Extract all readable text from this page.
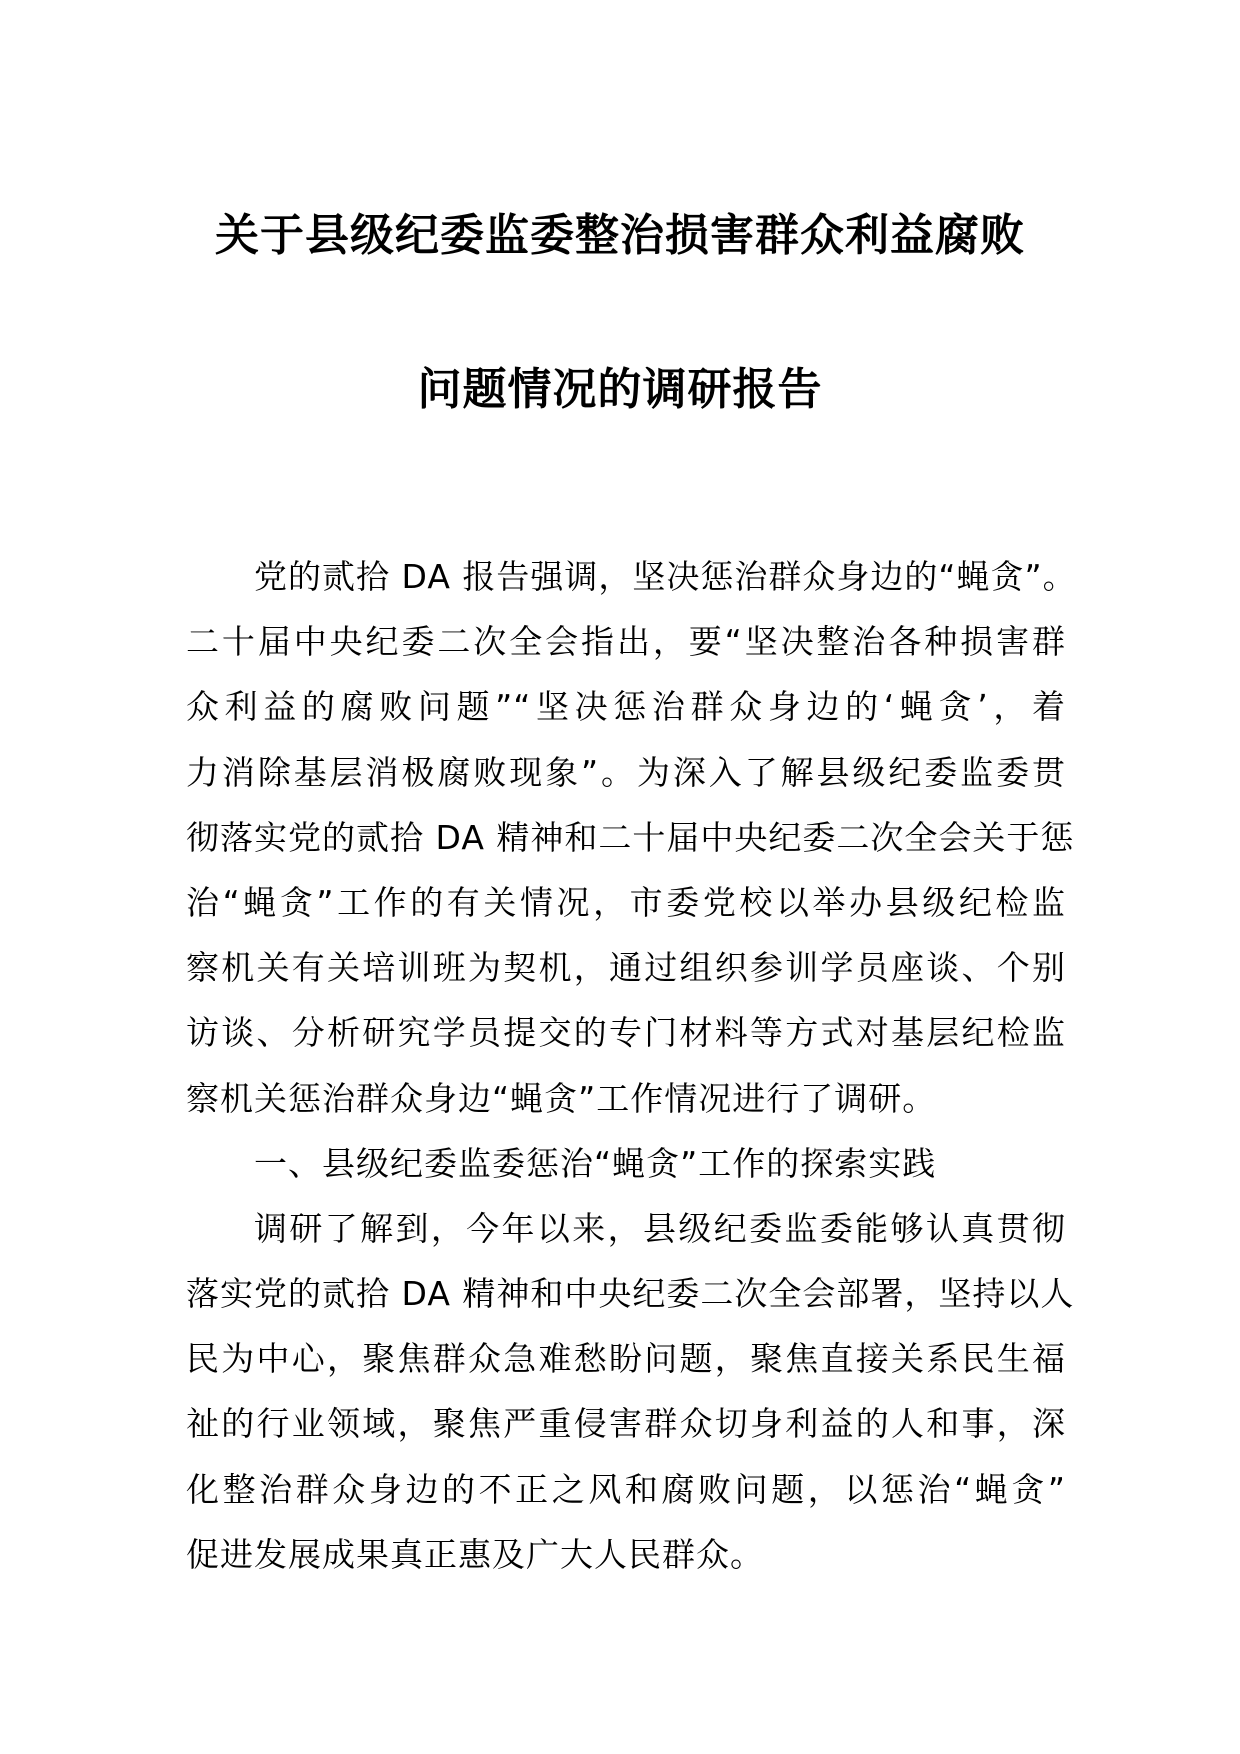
关于县级纪委监委整治损害群众利益腐败
问题情况的调研报告
党的贰拾 DA 报告强调，坚决惩治群众身边的“蝇贪”。
二十届中央纪委二次全会指出，要“坚决整治各种损害群
众利益的腐败问题”“坚决惩治群众身边的‘蝇贪’，着
力消除基层消极腐败现象”。为深入了解县级纪委监委贯
彻落实党的贰拾 DA 精神和二十届中央纪委二次全会关于惩
治“蝇贪”工作的有关情况，市委党校以举办县级纪检监
察机关有关培训班为契机，通过组织参训学员座谈、个别
访谈、分析研究学员提交的专门材料等方式对基层纪检监
察机关惩治群众身边“蝇贪”工作情况进行了调研。
一、县级纪委监委惩治“蝇贪”工作的探索实践
调研了解到，今年以来，县级纪委监委能够认真贯彻
落实党的贰拾 DA 精神和中央纪委二次全会部署，坚持以人
民为中心，聚焦群众急难愁盼问题，聚焦直接关系民生福
祉的行业领域，聚焦严重侵害群众切身利益的人和事，深
化整治群众身边的不正之风和腐败问题，以惩治“蝇贪”
促进发展成果真正惠及广大人民群众。
